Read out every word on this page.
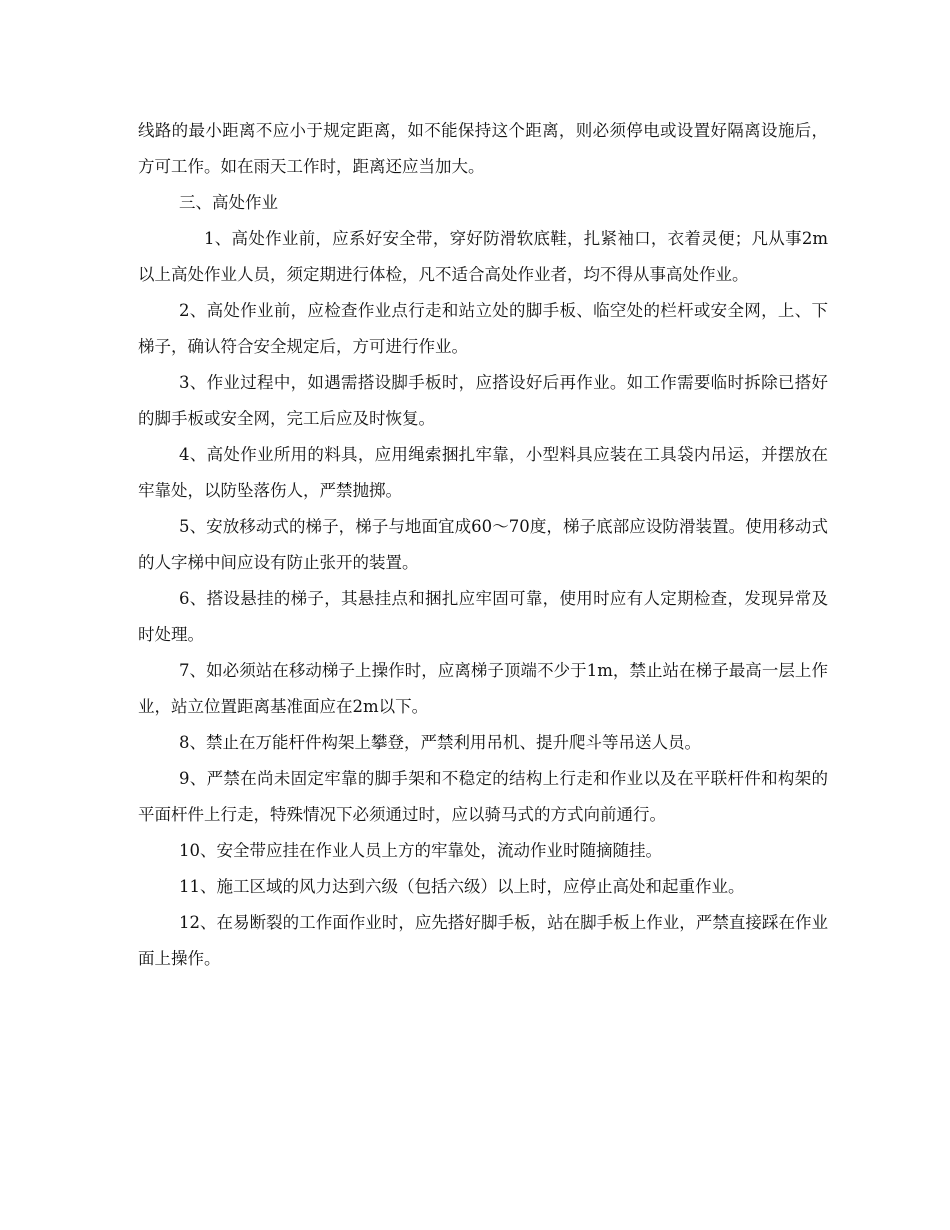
线路的最小距离不应小于规定距离，如不能保持这个距离，则必须停电或设置好隔离设施后，方可工作。如在雨天工作时，距离还应当加大。

三、高处作业

1、高处作业前，应系好安全带，穿好防滑软底鞋，扎紧袖口，衣着灵便；凡从事2m以上高处作业人员，须定期进行体检，凡不适合高处作业者，均不得从事高处作业。

2、高处作业前，应检查作业点行走和站立处的脚手板、临空处的栏杆或安全网，上、下梯子，确认符合安全规定后，方可进行作业。

3、作业过程中，如遇需搭设脚手板时，应搭设好后再作业。如工作需要临时拆除已搭好的脚手板或安全网，完工后应及时恢复。

4、高处作业所用的料具，应用绳索捆扎牢靠，小型料具应装在工具袋内吊运，并摆放在牢靠处，以防坠落伤人，严禁抛掷。

5、安放移动式的梯子，梯子与地面宜成60～70度，梯子底部应设防滑装置。使用移动式的人字梯中间应设有防止张开的装置。

6、搭设悬挂的梯子，其悬挂点和捆扎应牢固可靠，使用时应有人定期检查，发现异常及时处理。

7、如必须站在移动梯子上操作时，应离梯子顶端不少于1m，禁止站在梯子最高一层上作业，站立位置距离基准面应在2m以下。

8、禁止在万能杆件构架上攀登，严禁利用吊机、提升爬斗等吊送人员。

9、严禁在尚未固定牢靠的脚手架和不稳定的结构上行走和作业以及在平联杆件和构架的平面杆件上行走，特殊情况下必须通过时，应以骑马式的方式向前通行。

10、安全带应挂在作业人员上方的牢靠处，流动作业时随摘随挂。

11、施工区域的风力达到六级（包括六级）以上时，应停止高处和起重作业。

12、在易断裂的工作面作业时，应先搭好脚手板，站在脚手板上作业，严禁直接踩在作业面上操作。
